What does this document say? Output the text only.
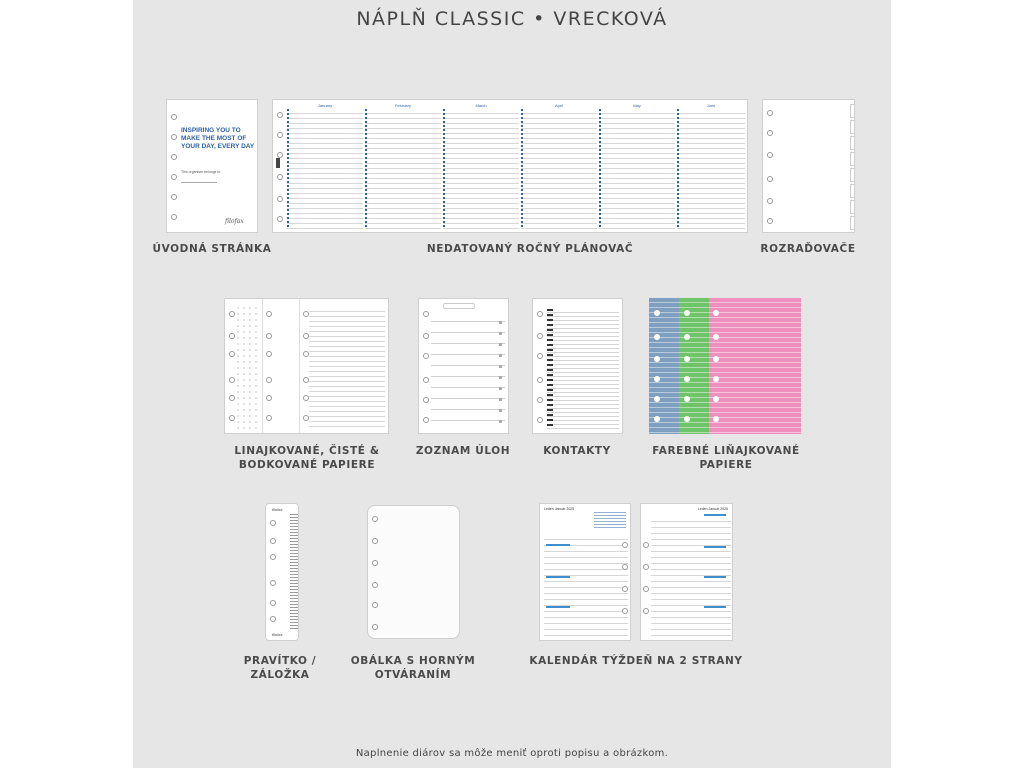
NÁPLŇ CLASSIC • VRECKOVÁ
INSPIRING YOU TO MAKE THE MOST OF YOUR DAY, EVERY DAY
This organiser belongs to
filofax
ÚVODNÁ STRÁNKA
January	February	March	April	May	June
NEDATOVANÝ ROČNÝ PLÁNOVAČ	ROZRAĎOVAČE
LINAJKOVANÉ, ČISTÉ &
BODKOVANÉ PAPIERE
ZOZNAM ÚLOH	KONTAKTY	FAREBNÉ LIŇAJKOVANÉ
PAPIERE
filofax
filofax
PRAVÍTKO /
ZÁLOŽKA
OBÁLKA S HORNÝM
OTVÁRANÍM
Leden Január 2025	Leden Január 2025
KALENDÁR TÝŽDEŇ NA 2 STRANY
Naplnenie diárov sa môže meniť oproti popisu a obrázkom.
